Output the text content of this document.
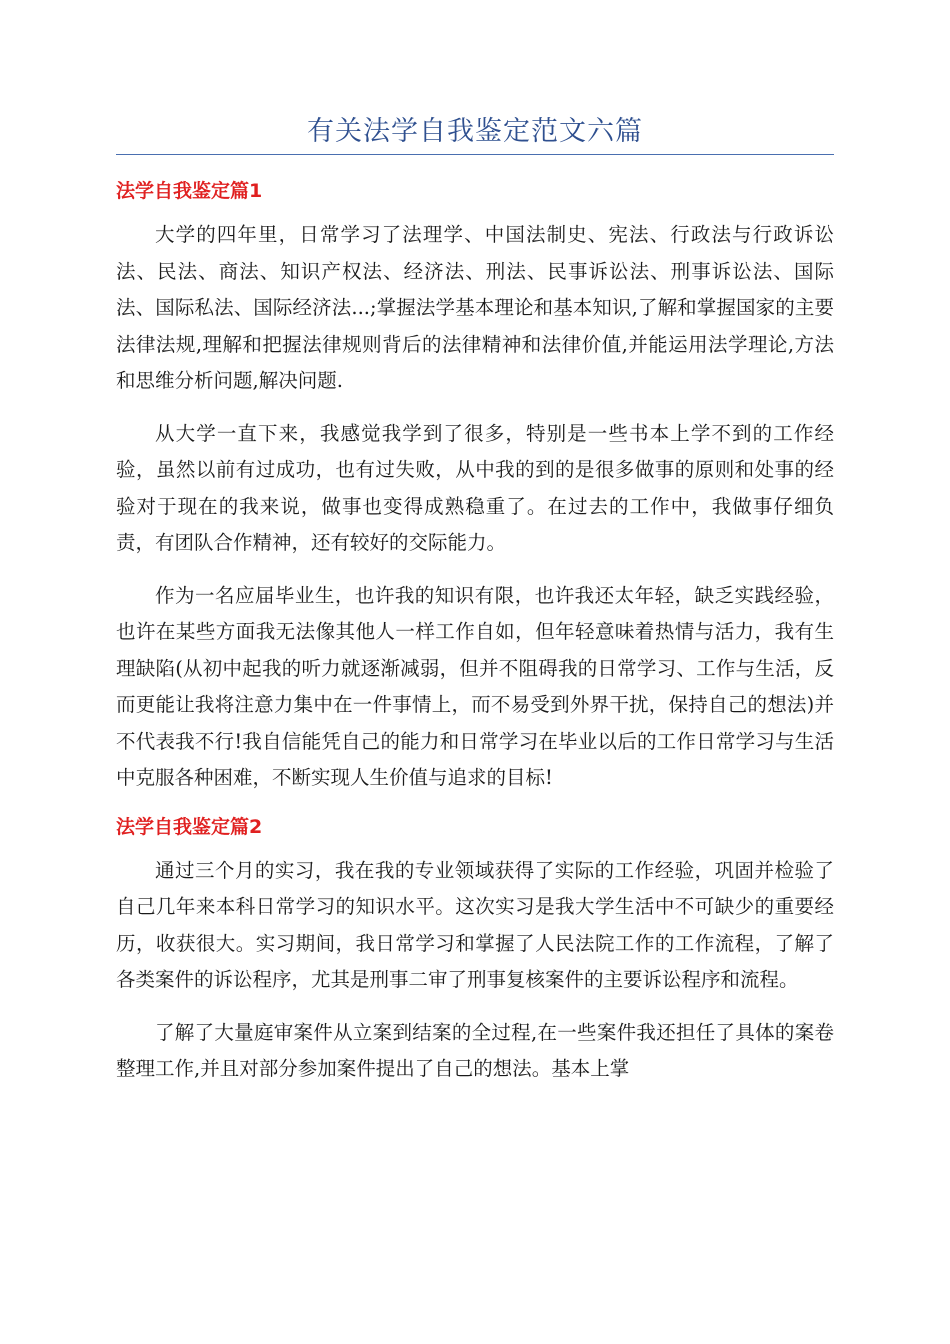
有关法学自我鉴定范文六篇
法学自我鉴定篇1

大学的四年里，日常学习了法理学、中国法制史、宪法、行政法与行政诉讼法、民法、商法、知识产权法、经济法、刑法、民事诉讼法、刑事诉讼法、国际法、国际私法、国际经济法...;掌握法学基本理论和基本知识,了解和掌握国家的主要法律法规,理解和把握法律规则背后的法律精神和法律价值,并能运用法学理论,方法和思维分析问题,解决问题.

从大学一直下来，我感觉我学到了很多，特别是一些书本上学不到的工作经验，虽然以前有过成功，也有过失败，从中我的到的是很多做事的原则和处事的经验对于现在的我来说，做事也变得成熟稳重了。在过去的工作中，我做事仔细负责，有团队合作精神，还有较好的交际能力。

作为一名应届毕业生，也许我的知识有限，也许我还太年轻，缺乏实践经验，也许在某些方面我无法像其他人一样工作自如，但年轻意味着热情与活力，我有生理缺陷(从初中起我的听力就逐渐减弱，但并不阻碍我的日常学习、工作与生活，反而更能让我将注意力集中在一件事情上，而不易受到外界干扰，保持自己的想法)并不代表我不行!我自信能凭自己的能力和日常学习在毕业以后的工作日常学习与生活中克服各种困难，不断实现人生价值与追求的目标!

法学自我鉴定篇2

通过三个月的实习，我在我的专业领域获得了实际的工作经验，巩固并检验了自己几年来本科日常学习的知识水平。这次实习是我大学生活中不可缺少的重要经历，收获很大。实习期间，我日常学习和掌握了人民法院工作的工作流程，了解了各类案件的诉讼程序，尤其是刑事二审了刑事复核案件的主要诉讼程序和流程。

了解了大量庭审案件从立案到结案的全过程,在一些案件我还担任了具体的案卷整理工作,并且对部分参加案件提出了自己的想法。基本上掌
